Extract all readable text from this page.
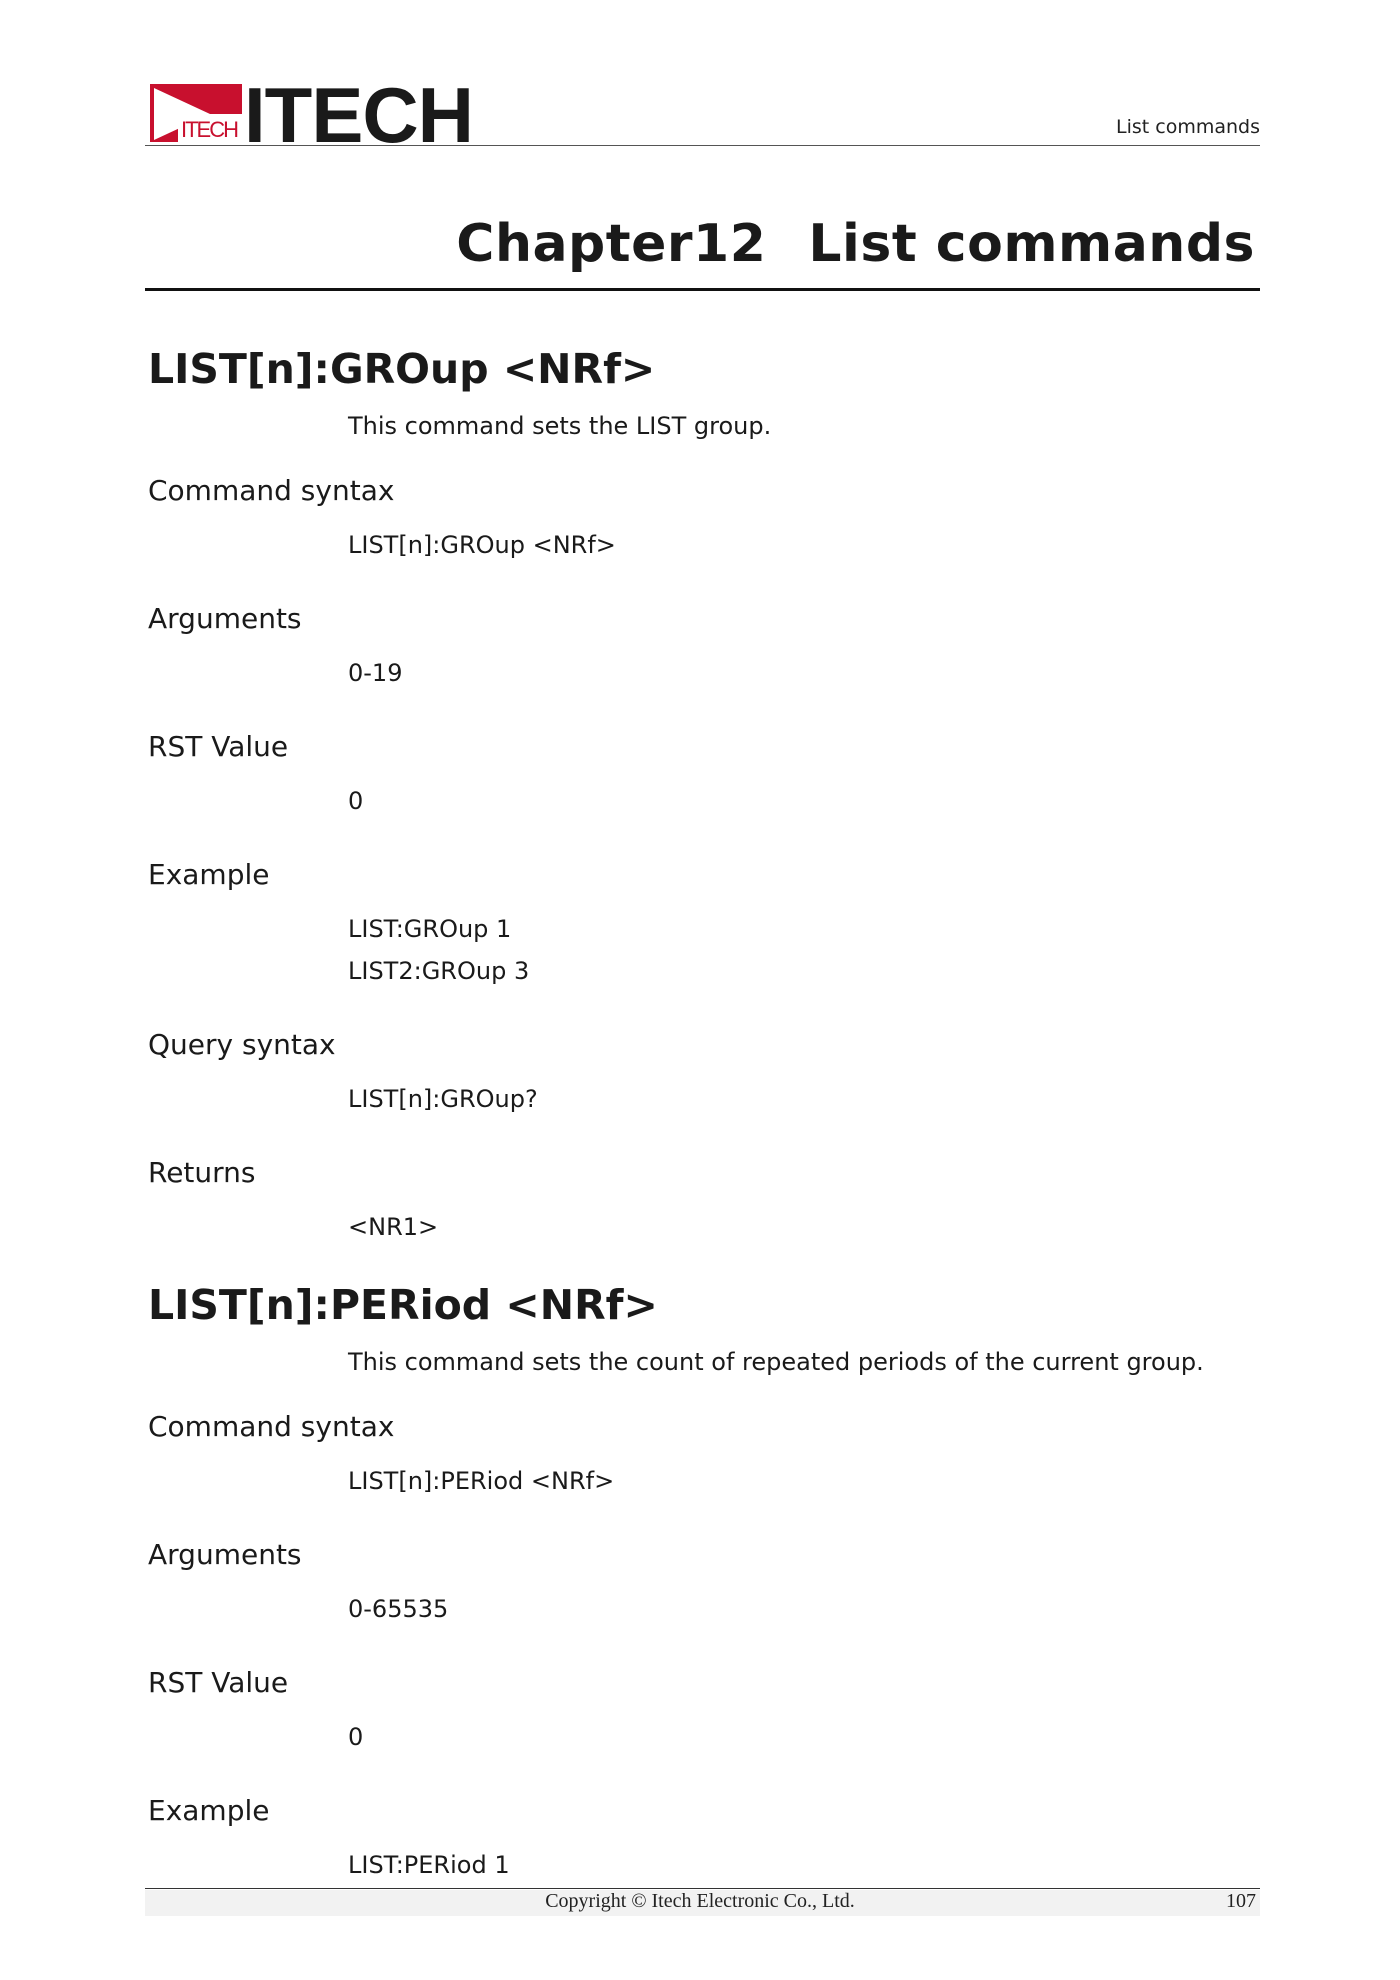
ITECH ITECH	List commands
Chapter12 List commands
LIST[n]:GROup <NRf>
This command sets the LIST group.
Command syntax
LIST[n]:GROup <NRf>
Arguments
0-19
RST Value
0
Example
LIST:GROup 1
LIST2:GROup 3
Query syntax
LIST[n]:GROup?
Returns
<NR1>
LIST[n]:PERiod <NRf>
This command sets the count of repeated periods of the current group.
Command syntax
LIST[n]:PERiod <NRf>
Arguments
0-65535
RST Value
0
Example
LIST:PERiod 1
Copyright © Itech Electronic Co., Ltd.	107
